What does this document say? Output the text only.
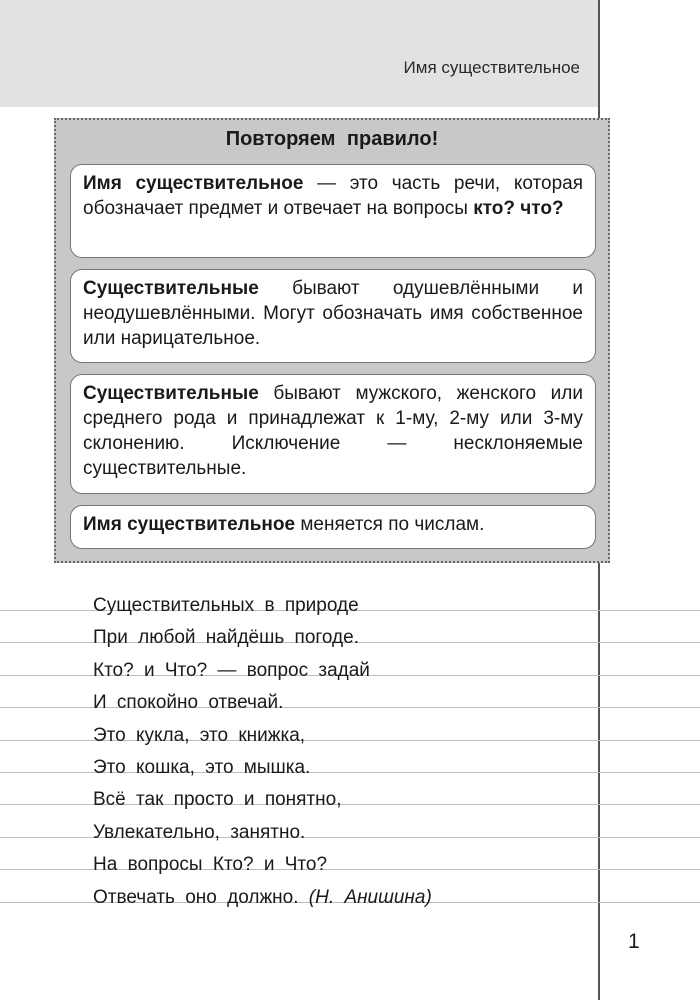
Имя существительное
Повторяем правило!
Имя существительное — это часть речи, которая обозначает предмет и отвечает на вопросы кто? что?
Существительные бывают одушевлёнными и неодушевлёнными. Могут обозначать имя собственное или нарицательное.
Существительные бывают мужского, женского или среднего рода и принадлежат к 1-му, 2-му или 3-му склонению. Исключение — несклоняемые существительные.
Имя существительное меняется по числам.
Существительных в природе
При любой найдёшь погоде.
Кто? и Что? — вопрос задай
И спокойно отвечай.
Это кукла, это книжка,
Это кошка, это мышка.
Всё так просто и понятно,
Увлекательно, занятно.
На вопросы Кто? и Что?
Отвечать оно должно. (Н. Анишина)
1
